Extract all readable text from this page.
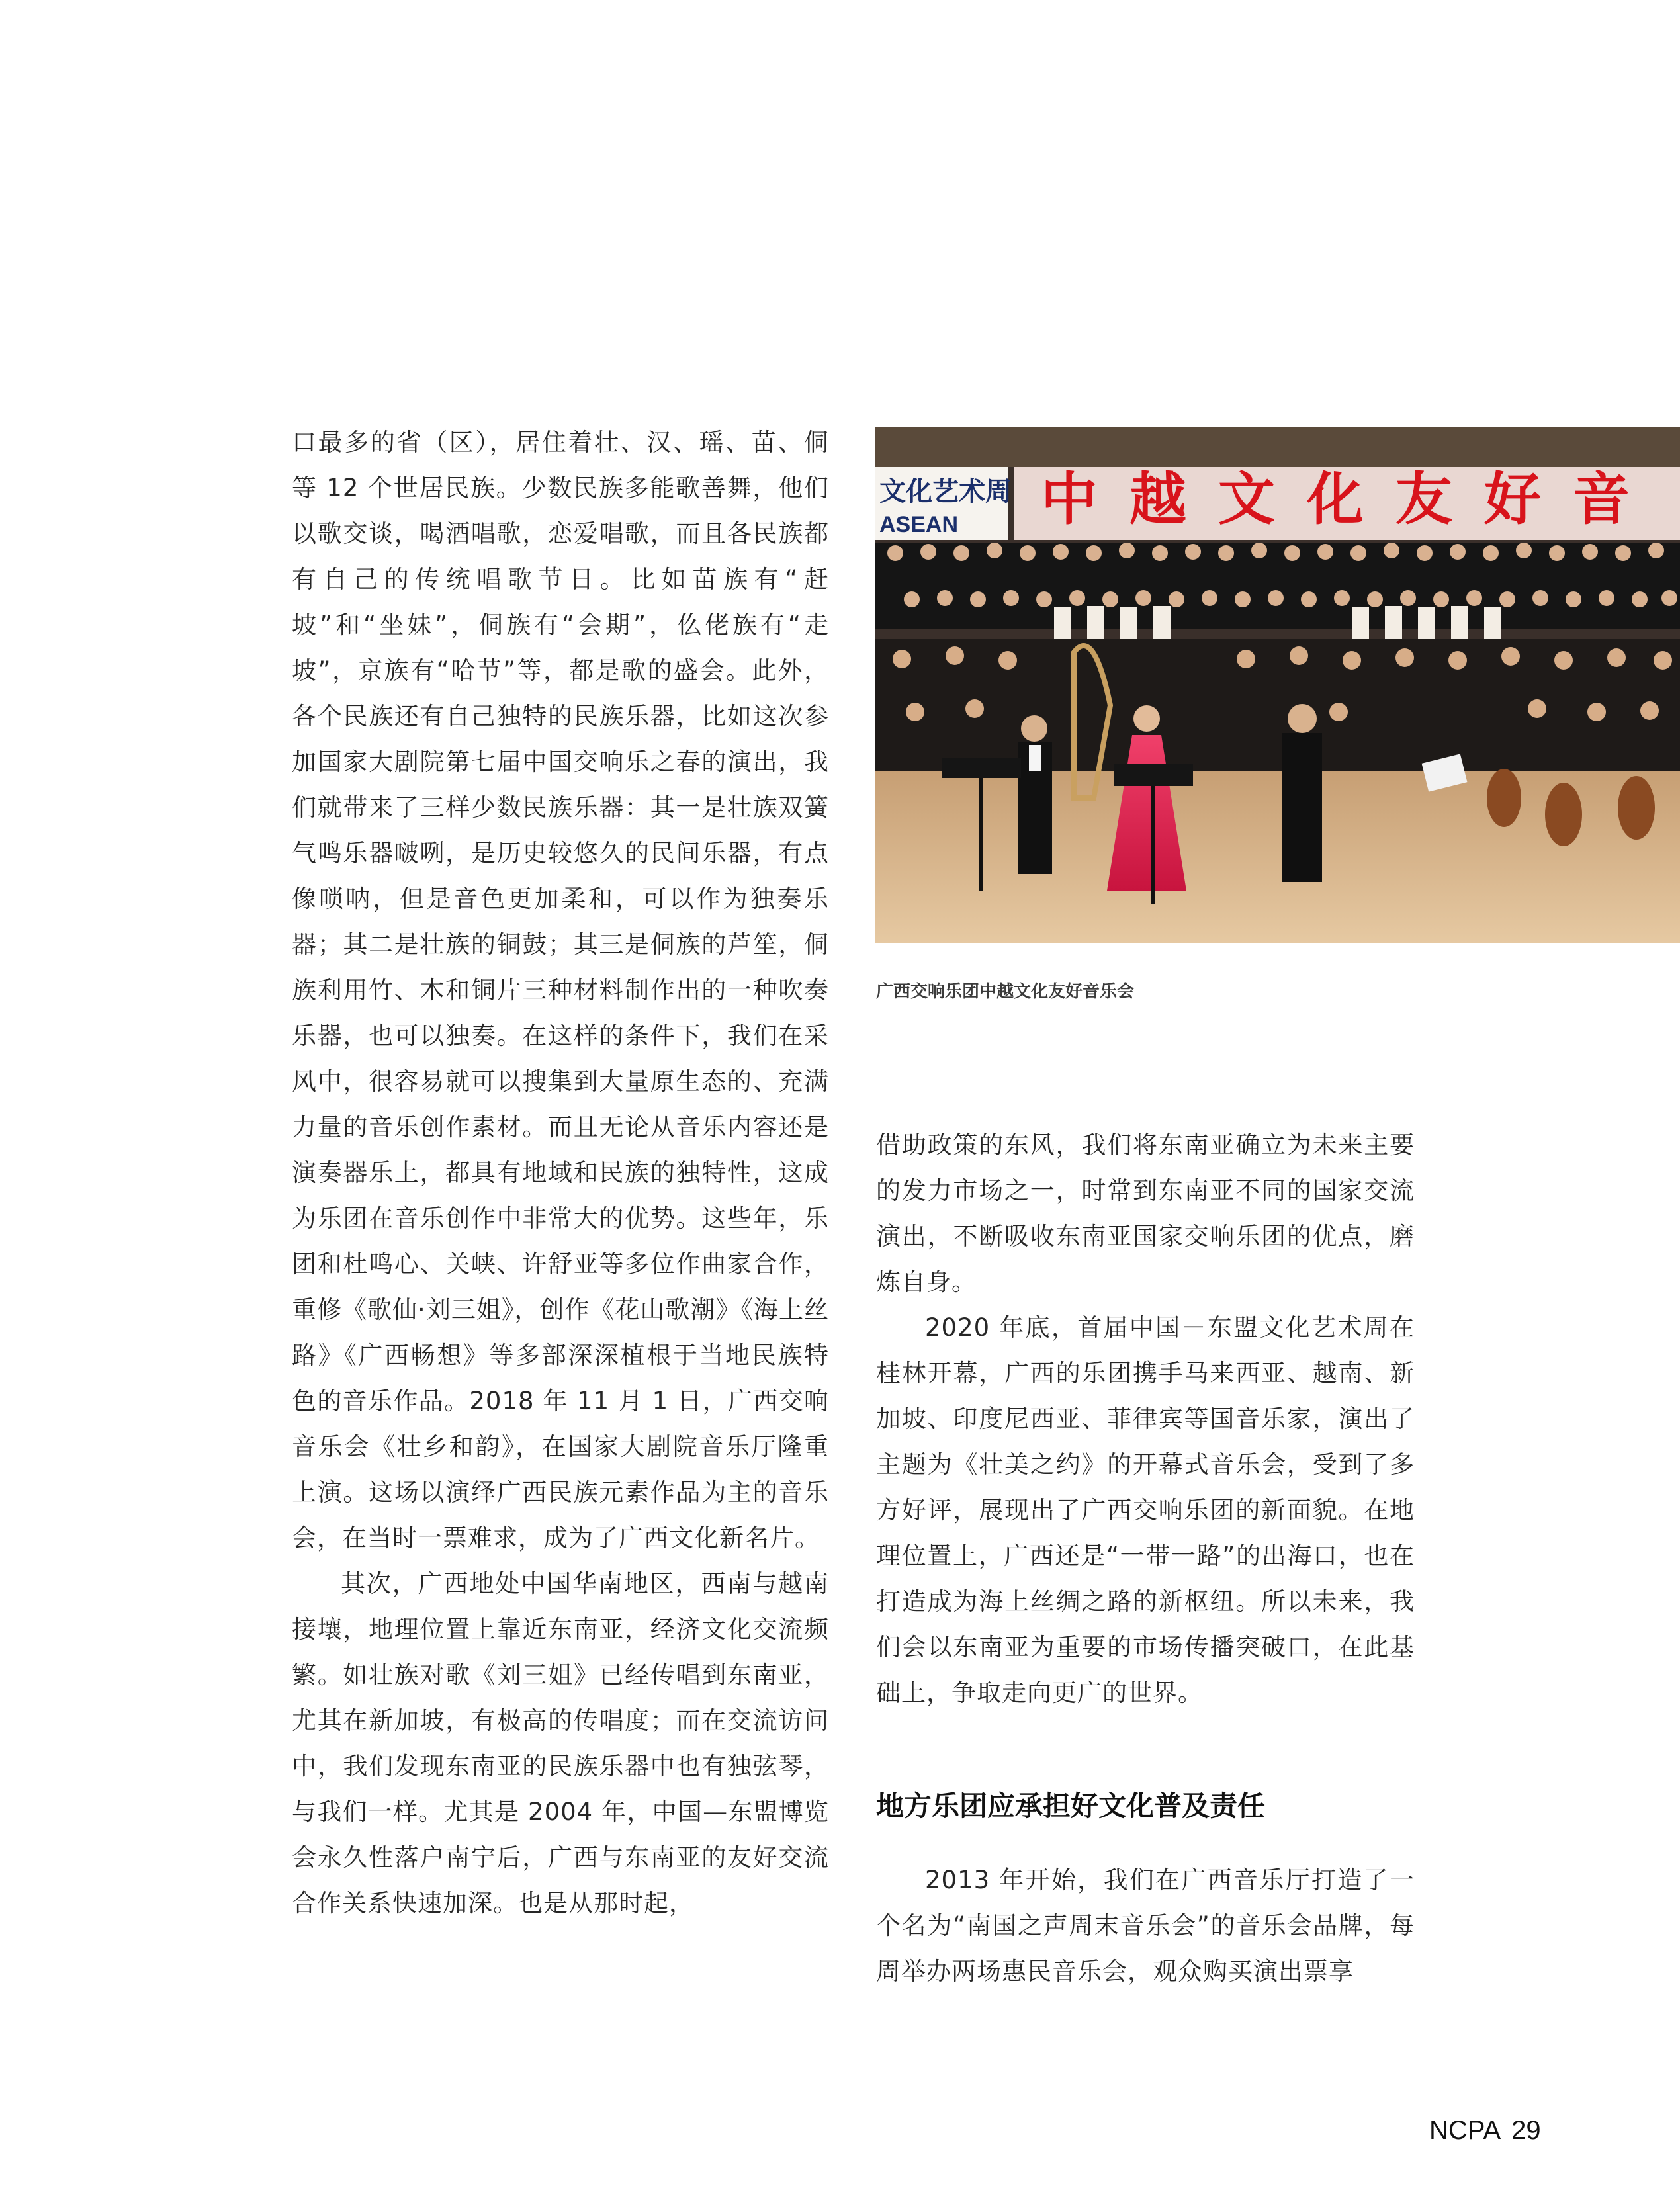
口最多的省（区），居住着壮、汉、瑶、苗、侗等 12 个世居民族。少数民族多能歌善舞，他们以歌交谈，喝酒唱歌，恋爱唱歌，而且各民族都有自己的传统唱歌节日。比如苗族有“赶坡”和“坐妹”，侗族有“会期”，仫佬族有“走坡”，京族有“哈节”等，都是歌的盛会。此外，各个民族还有自己独特的民族乐器，比如这次参加国家大剧院第七届中国交响乐之春的演出，我们就带来了三样少数民族乐器：其一是壮族双簧气鸣乐器啵咧，是历史较悠久的民间乐器，有点像唢呐，但是音色更加柔和，可以作为独奏乐器；其二是壮族的铜鼓；其三是侗族的芦笙，侗族利用竹、木和铜片三种材料制作出的一种吹奏乐器，也可以独奏。在这样的条件下，我们在采风中，很容易就可以搜集到大量原生态的、充满力量的音乐创作素材。而且无论从音乐内容还是演奏器乐上，都具有地域和民族的独特性，这成为乐团在音乐创作中非常大的优势。这些年，乐团和杜鸣心、关峡、许舒亚等多位作曲家合作，重修《歌仙·刘三姐》，创作《花山歌潮》《海上丝路》《广西畅想》等多部深深植根于当地民族特色的音乐作品。2018 年 11 月 1 日，广西交响音乐会《壮乡和韵》，在国家大剧院音乐厅隆重上演。这场以演绎广西民族元素作品为主的音乐会，在当时一票难求，成为了广西文化新名片。

其次，广西地处中国华南地区，西南与越南接壤，地理位置上靠近东南亚，经济文化交流频繁。如壮族对歌《刘三姐》已经传唱到东南亚，尤其在新加坡，有极高的传唱度；而在交流访问中，我们发现东南亚的民族乐器中也有独弦琴，与我们一样。尤其是 2004 年，中国—东盟博览会永久性落户南宁后，广西与东南亚的友好交流合作关系快速加深。也是从那时起，

文化艺术周
ASEAN 中越文化友好音
广西交响乐团中越文化友好音乐会

借助政策的东风，我们将东南亚确立为未来主要的发力市场之一，时常到东南亚不同的国家交流演出，不断吸收东南亚国家交响乐团的优点，磨炼自身。

2020 年底，首届中国－东盟文化艺术周在桂林开幕，广西的乐团携手马来西亚、越南、新加坡、印度尼西亚、菲律宾等国音乐家，演出了主题为《壮美之约》的开幕式音乐会，受到了多方好评，展现出了广西交响乐团的新面貌。在地理位置上，广西还是“一带一路”的出海口，也在打造成为海上丝绸之路的新枢纽。所以未来，我们会以东南亚为重要的市场传播突破口，在此基础上，争取走向更广的世界。

地方乐团应承担好文化普及责任

2013 年开始，我们在广西音乐厅打造了一个名为“南国之声周末音乐会”的音乐会品牌，每周举办两场惠民音乐会，观众购买演出票享

NCPA 29
